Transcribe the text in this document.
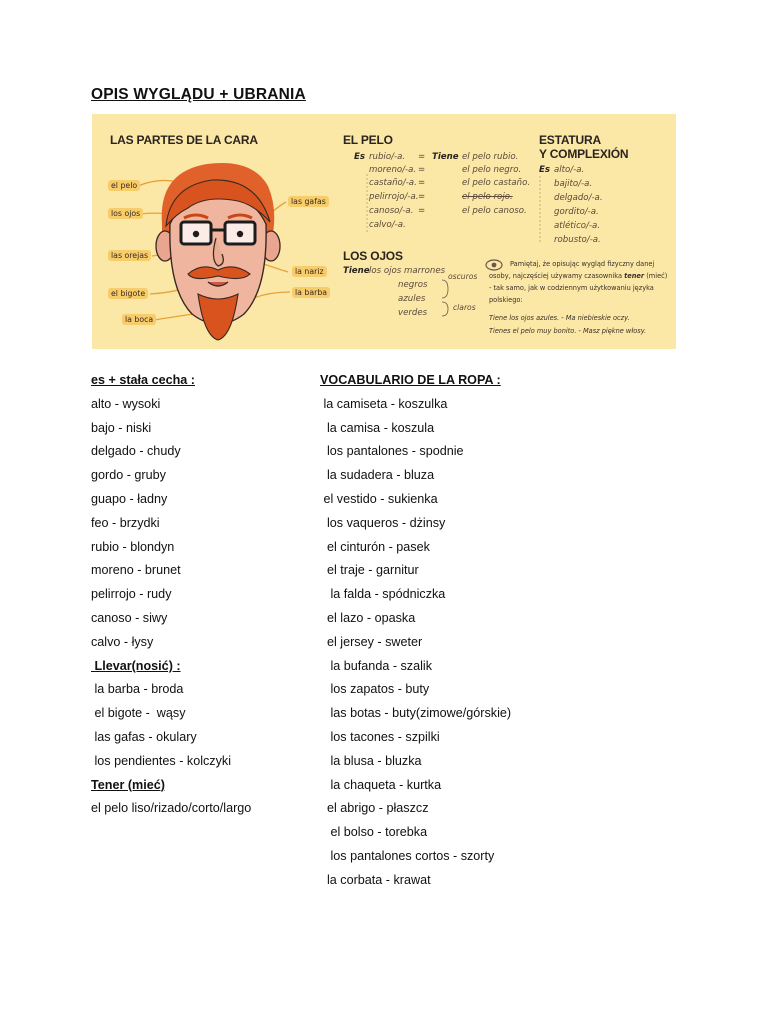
OPIS WYGLĄDU + UBRANIA
LAS PARTES DE LA CARA
el pelo
los ojos
las orejas
el bigote
la boca
las gafas
la nariz
la barba
EL PELO
Es rubio/-a.
moreno/-a.
castaño/-a.
pelirrojo/-a.
canoso/-a.
calvo/-a.
=
=
=
=
=
Tiene el pelo rubio.
el pelo negro.
el pelo castaño.
el pelo rojo.
el pelo canoso.
ESTATURA
Y COMPLEXIÓN
Es alto/-a.
bajito/-a.
delgado/-a.
gordito/-a.
atlético/-a.
robusto/-a.
LOS OJOS
Tiene los ojos marrones
negros
azules
verdes
oscuros
claros
Pamiętaj, że opisując wygląd fizyczny danej
osoby, najczęściej używamy czasownika tener (mieć)
- tak samo, jak w codziennym użytkowaniu języka
polskiego:
Tiene los ojos azules. - Ma niebieskie oczy.
Tienes el pelo muy bonito. - Masz piękne włosy.
es + stała cecha :
alto - wysoki
bajo - niski
delgado - chudy
gordo - gruby
guapo - ładny
feo - brzydki
rubio - blondyn
moreno - brunet
pelirrojo - rudy
canoso - siwy
calvo - łysy
Llevar(nosić) :
la barba - broda
el bigote -  wąsy
las gafas - okulary
los pendientes - kolczyki
Tener (mieć)
el pelo liso/rizado/corto/largo
VOCABULARIO DE LA ROPA :
la camiseta - koszulka
la camisa - koszula
los pantalones - spodnie
la sudadera - bluza
el vestido - sukienka
los vaqueros - dżinsy
el cinturón - pasek
el traje - garnitur
la falda - spódniczka
el lazo - opaska
el jersey - sweter
la bufanda - szalik
los zapatos - buty
las botas - buty(zimowe/górskie)
los tacones - szpilki
la blusa - bluzka
la chaqueta - kurtka
el abrigo - płaszcz
el bolso - torebka
los pantalones cortos - szorty
la corbata - krawat
